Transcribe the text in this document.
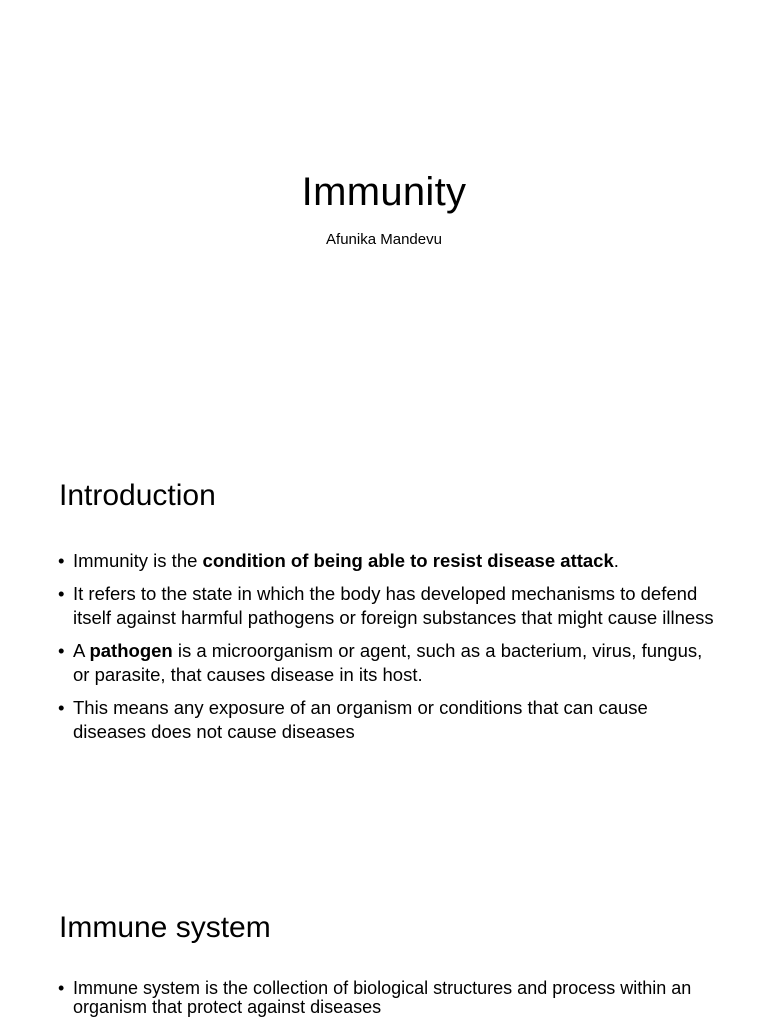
Immunity
Afunika Mandevu
Introduction
• Immunity is the condition of being able to resist disease attack.
• It refers to the state in which the body has developed mechanisms to defend itself against harmful pathogens or foreign substances that might cause illness
• A pathogen is a microorganism or agent, such as a bacterium, virus, fungus, or parasite, that causes disease in its host.
• This means any exposure of an organism or conditions that can cause diseases does not cause diseases
Immune system
• Immune system is the collection of biological structures and process within an organism that protect against diseases
